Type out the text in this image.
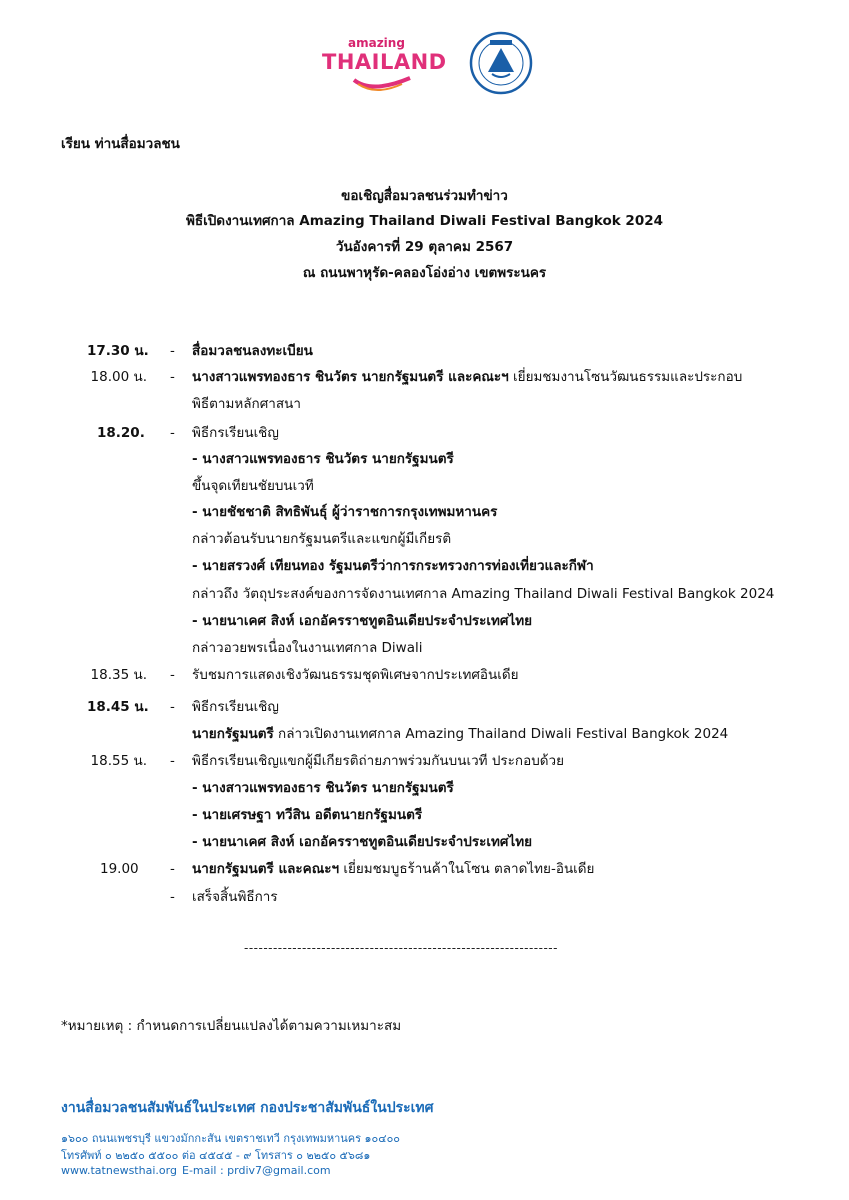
amazing
THAILAND
เรียน ท่านสื่อมวลชน
ขอเชิญสื่อมวลชนร่วมทำข่าว
พิธีเปิดงานเทศกาล Amazing Thailand Diwali Festival Bangkok 2024
วันอังคารที่ 29 ตุลาคม 2567
ณ ถนนพาหุรัด-คลองโอ่งอ่าง เขตพระนคร
17.30 น. - สื่อมวลชนลงทะเบียน
18.00 น. - นางสาวแพรทองธาร ชินวัตร นายกรัฐมนตรี และคณะฯ เยี่ยมชมงานโซนวัฒนธรรมและประกอบ
พิธีตามหลักศาสนา
18.20. - พิธีกรเรียนเชิญ
- นางสาวแพรทองธาร ชินวัตร นายกรัฐมนตรี
ขึ้นจุดเทียนชัยบนเวที
- นายชัชชาติ สิทธิพันธุ์ ผู้ว่าราชการกรุงเทพมหานคร
กล่าวต้อนรับนายกรัฐมนตรีและแขกผู้มีเกียรติ
- นายสรวงศ์ เทียนทอง รัฐมนตรีว่าการกระทรวงการท่องเที่ยวและกีฬา
กล่าวถึง วัตถุประสงค์ของการจัดงานเทศกาล Amazing Thailand Diwali Festival Bangkok 2024
- นายนาเคศ สิงห์ เอกอัครราชทูตอินเดียประจำประเทศไทย
กล่าวอวยพรเนื่องในงานเทศกาล Diwali
18.35 น. - รับชมการแสดงเชิงวัฒนธรรมชุดพิเศษจากประเทศอินเดีย
18.45 น. - พิธีกรเรียนเชิญ
นายกรัฐมนตรี กล่าวเปิดงานเทศกาล Amazing Thailand Diwali Festival Bangkok 2024
18.55 น. - พิธีกรเรียนเชิญแขกผู้มีเกียรติถ่ายภาพร่วมกันบนเวที ประกอบด้วย
- นางสาวแพรทองธาร ชินวัตร นายกรัฐมนตรี
- นายเศรษฐา ทวีสิน อดีตนายกรัฐมนตรี
- นายนาเคศ สิงห์ เอกอัครราชทูตอินเดียประจำประเทศไทย
19.00 - นายกรัฐมนตรี และคณะฯ เยี่ยมชมบูธร้านค้าในโซน ตลาดไทย-อินเดีย
- เสร็จสิ้นพิธีการ
-----------------------------------------------------------------
*หมายเหตุ : กำหนดการเปลี่ยนแปลงได้ตามความเหมาะสม
งานสื่อมวลชนสัมพันธ์ในประเทศ กองประชาสัมพันธ์ในประเทศ
๑๖๐๐ ถนนเพชรบุรี แขวงมักกะสัน เขตราชเทวี กรุงเทพมหานคร ๑๐๔๐๐
โทรศัพท์ ๐ ๒๒๕๐ ๕๕๐๐ ต่อ ๔๕๔๕ - ๙ โทรสาร ๐ ๒๒๕๐ ๕๖๘๑
www.tatnewsthai.org E-mail : prdiv7@gmail.com
